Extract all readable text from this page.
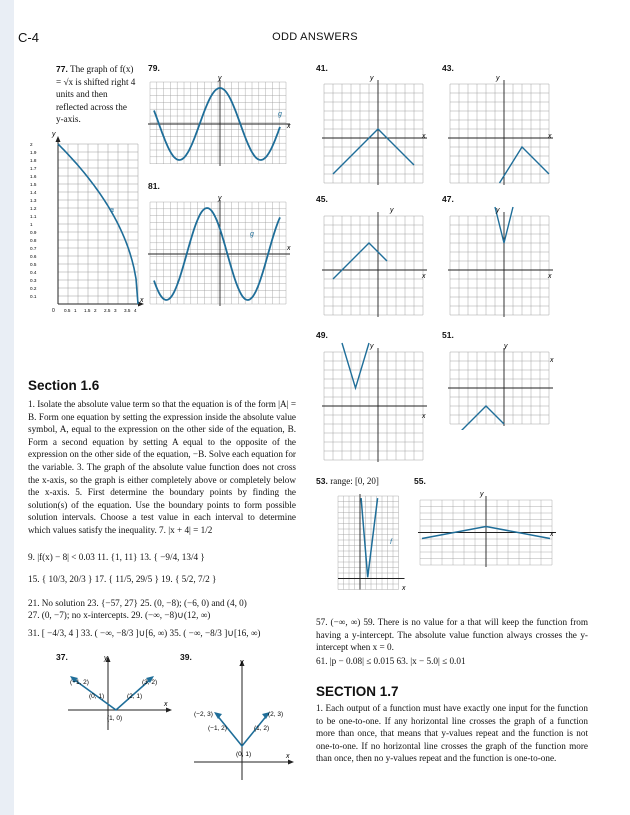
C-4	ODD ANSWERS
77. The graph of f(x) = √x is shifted right 4 units and then reflected across the y-axis.
y
x
0
2
1.9
1.8
1.7
1.6
1.5
1.4
1.3
1.2
1.1
1
0.9
0.8
0.7
0.6
0.5
0.4
0.3
0.2
0.1
0.5 1 1.5 2 2.5 3 3.5 4
a
79.
y
x
g
81.
y
x
g
41.
y
x
43.
y
x
45.
y
x
47.
y
x
49.
y
x
51.
y
x
53. range: [0, 20]
f
x
55.
y
x
Section 1.6
1. Isolate the absolute value term so that the equation is of the form |A| = B. Form one equation by setting the expression inside the absolute value symbol, A, equal to the expression on the other side of the equation, B. Form a second equation by setting A equal to the opposite of the expression on the other side of the equation, −B. Solve each equation for the variable. 3. The graph of the absolute value function does not cross the x-axis, so the graph is either completely above or completely below the x-axis. 5. First determine the boundary points by finding the solution(s) of the equation. Use the boundary points to form possible solution intervals. Choose a test value in each interval to determine which values satisfy the inequality. 7. |x + 4| = 1/2
9. |f(x) − 8| < 0.03 11. {1, 11} 13. { −9/4, 13/4 }
15. { 10/3, 20/3 } 17. { 11/5, 29/5 } 19. { 5/2, 7/2 }
21. No solution 23. {−57, 27} 25. (0, −8); (−6, 0) and (4, 0)
27. (0, −7); no x-intercepts. 29. (−∞, −8)∪(12, ∞)
31. [ −4/3, 4 ] 33. ( −∞, −8/3 ]∪[6, ∞) 35. ( −∞, −8/3 ]∪[16, ∞)
37.	y
x
(−1, 2)	(3, 2)
(0, 1)	(2, 1)
(1, 0)
39.
y
x
(−2, 3)	(2, 3)
(−1, 2)	(1, 2)
(0, 1)
57. (−∞, ∞) 59. There is no value for a that will keep the function from having a y-intercept. The absolute value function always crosses the y-intercept when x = 0.
61. |p − 0.08| ≤ 0.015 63. |x − 5.0| ≤ 0.01
SECTION 1.7
1. Each output of a function must have exactly one input for the function to be one-to-one. If any horizontal line crosses the graph of a function more than once, that means that y-values repeat and the function is not one-to-one. If no horizontal line crosses the graph of the function more than once, then no y-values repeat and the function is one-to-one.
